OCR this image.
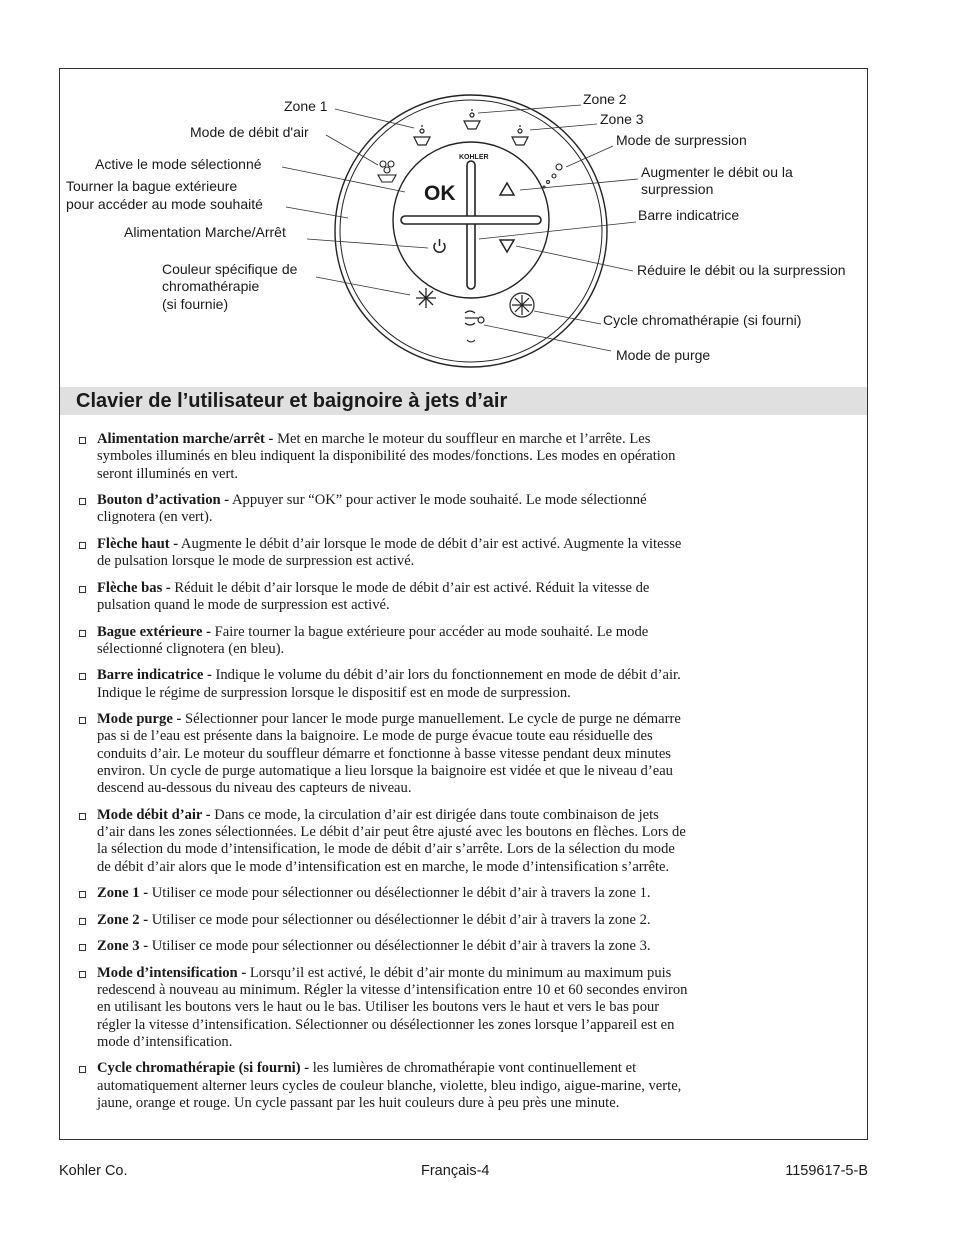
KOHLER
OK
Zone 1
Mode de débit d'air
Active le mode sélectionné
Tourner la bague extérieure
pour accéder au mode souhaité
Alimentation Marche/Arrêt
Couleur spécifique de
chromathérapie
(si fournie)
Zone 2
Zone 3
Mode de surpression
Augmenter le débit ou la
surpression
Barre indicatrice
Réduire le débit ou la surpression
Cycle chromathérapie (si fourni)
Mode de purge
Clavier de l’utilisateur et baignoire à jets d’air
Alimentation marche/arrêt - Met en marche le moteur du souffleur en marche et l’arrête. Les
symboles illuminés en bleu indiquent la disponibilité des modes/fonctions. Les modes en opération
seront illuminés en vert.
Bouton d’activation - Appuyer sur “OK” pour activer le mode souhaité. Le mode sélectionné
clignotera (en vert).
Flèche haut - Augmente le débit d’air lorsque le mode de débit d’air est activé. Augmente la vitesse
de pulsation lorsque le mode de surpression est activé.
Flèche bas - Réduit le débit d’air lorsque le mode de débit d’air est activé. Réduit la vitesse de
pulsation quand le mode de surpression est activé.
Bague extérieure - Faire tourner la bague extérieure pour accéder au mode souhaité. Le mode
sélectionné clignotera (en bleu).
Barre indicatrice - Indique le volume du débit d’air lors du fonctionnement en mode de débit d’air.
Indique le régime de surpression lorsque le dispositif est en mode de surpression.
Mode purge - Sélectionner pour lancer le mode purge manuellement. Le cycle de purge ne démarre
pas si de l’eau est présente dans la baignoire. Le mode de purge évacue toute eau résiduelle des
conduits d’air. Le moteur du souffleur démarre et fonctionne à basse vitesse pendant deux minutes
environ. Un cycle de purge automatique a lieu lorsque la baignoire est vidée et que le niveau d’eau
descend au-dessous du niveau des capteurs de niveau.
Mode débit d’air - Dans ce mode, la circulation d’air est dirigée dans toute combinaison de jets
d’air dans les zones sélectionnées. Le débit d’air peut être ajusté avec les boutons en flèches. Lors de
la sélection du mode d’intensification, le mode de débit d’air s’arrête. Lors de la sélection du mode
de débit d’air alors que le mode d’intensification est en marche, le mode d’intensification s’arrête.
Zone 1 - Utiliser ce mode pour sélectionner ou désélectionner le débit d’air à travers la zone 1.
Zone 2 - Utiliser ce mode pour sélectionner ou désélectionner le débit d’air à travers la zone 2.
Zone 3 - Utiliser ce mode pour sélectionner ou désélectionner le débit d’air à travers la zone 3.
Mode d’intensification - Lorsqu’il est activé, le débit d’air monte du minimum au maximum puis
redescend à nouveau au minimum. Régler la vitesse d’intensification entre 10 et 60 secondes environ
en utilisant les boutons vers le haut ou le bas. Utiliser les boutons vers le haut et vers le bas pour
régler la vitesse d’intensification. Sélectionner ou désélectionner les zones lorsque l’appareil est en
mode d’intensification.
Cycle chromathérapie (si fourni) - les lumières de chromathérapie vont continuellement et
automatiquement alterner leurs cycles de couleur blanche, violette, bleu indigo, aigue-marine, verte,
jaune, orange et rouge. Un cycle passant par les huit couleurs dure à peu près une minute.
Kohler Co.	Français-4	1159617-5-B
